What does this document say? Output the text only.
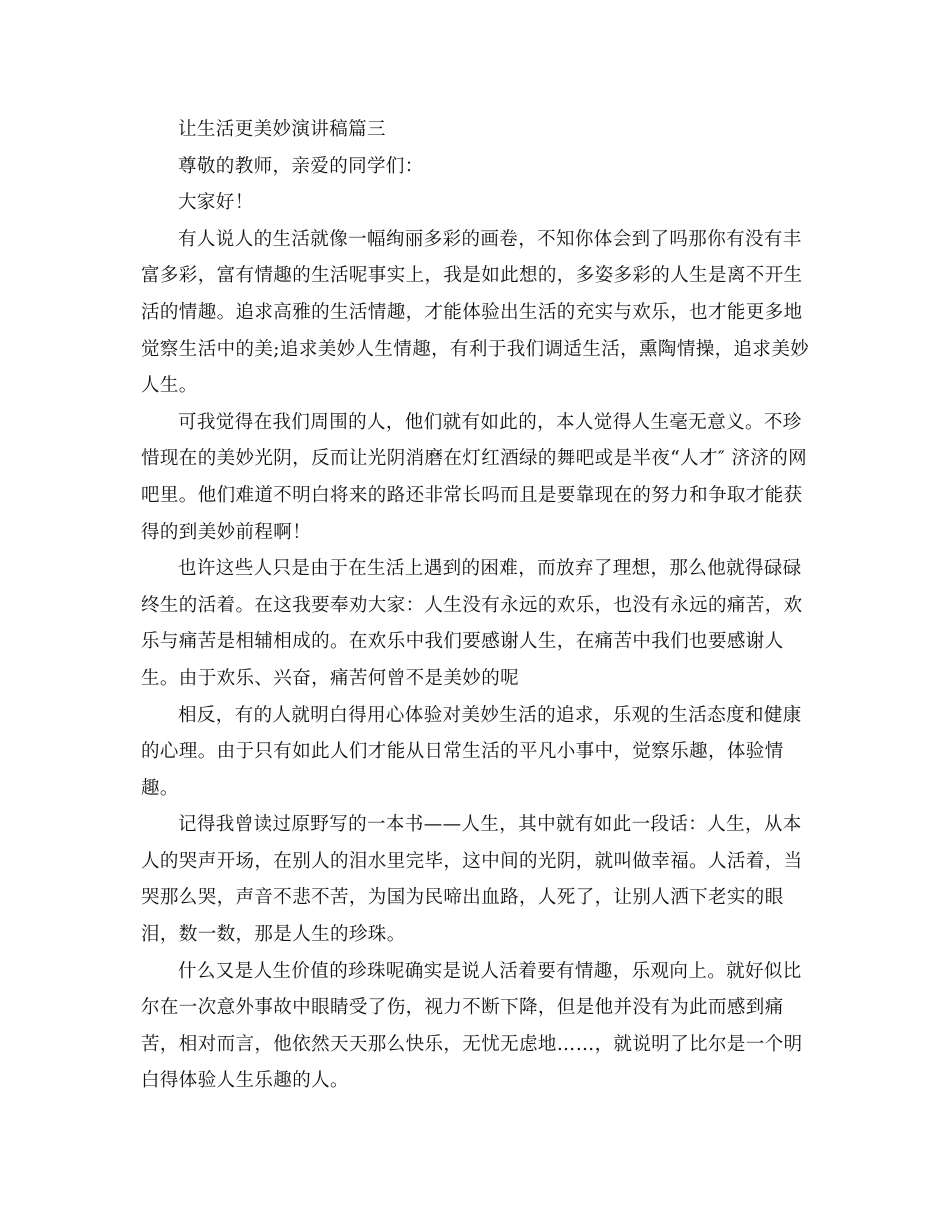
让生活更美妙演讲稿篇三

尊敬的教师，亲爱的同学们：

大家好！

有人说人的生活就像一幅绚丽多彩的画卷，不知你体会到了吗那你有没有丰

富多彩，富有情趣的生活呢事实上，我是如此想的，多姿多彩的人生是离不开生

活的情趣。追求高雅的生活情趣，才能体验出生活的充实与欢乐，也才能更多地

觉察生活中的美;追求美妙人生情趣，有利于我们调适生活，熏陶情操，追求美妙

人生。

可我觉得在我们周围的人，他们就有如此的，本人觉得人生毫无意义。不珍

惜现在的美妙光阴，反而让光阴消磨在灯红酒绿的舞吧或是半夜“人才″ 济济的网

吧里。他们难道不明白将来的路还非常长吗而且是要靠现在的努力和争取才能获

得的到美妙前程啊！

也许这些人只是由于在生活上遇到的困难，而放弃了理想，那么他就得碌碌

终生的活着。在这我要奉劝大家：人生没有永远的欢乐，也没有永远的痛苦，欢

乐与痛苦是相辅相成的。在欢乐中我们要感谢人生，在痛苦中我们也要感谢人

生。由于欢乐、兴奋，痛苦何曾不是美妙的呢

相反，有的人就明白得用心体验对美妙生活的追求，乐观的生活态度和健康

的心理。由于只有如此人们才能从日常生活的平凡小事中，觉察乐趣，体验情

趣。

记得我曾读过原野写的一本书——人生，其中就有如此一段话：人生，从本

人的哭声开场，在别人的泪水里完毕，这中间的光阴，就叫做幸福。人活着，当

哭那么哭，声音不悲不苦，为国为民啼出血路，人死了，让别人洒下老实的眼

泪，数一数，那是人生的珍珠。

什么又是人生价值的珍珠呢确实是说人活着要有情趣，乐观向上。就好似比

尔在一次意外事故中眼睛受了伤，视力不断下降，但是他并没有为此而感到痛

苦，相对而言，他依然天天那么快乐，无忧无虑地……，就说明了比尔是一个明

白得体验人生乐趣的人。
